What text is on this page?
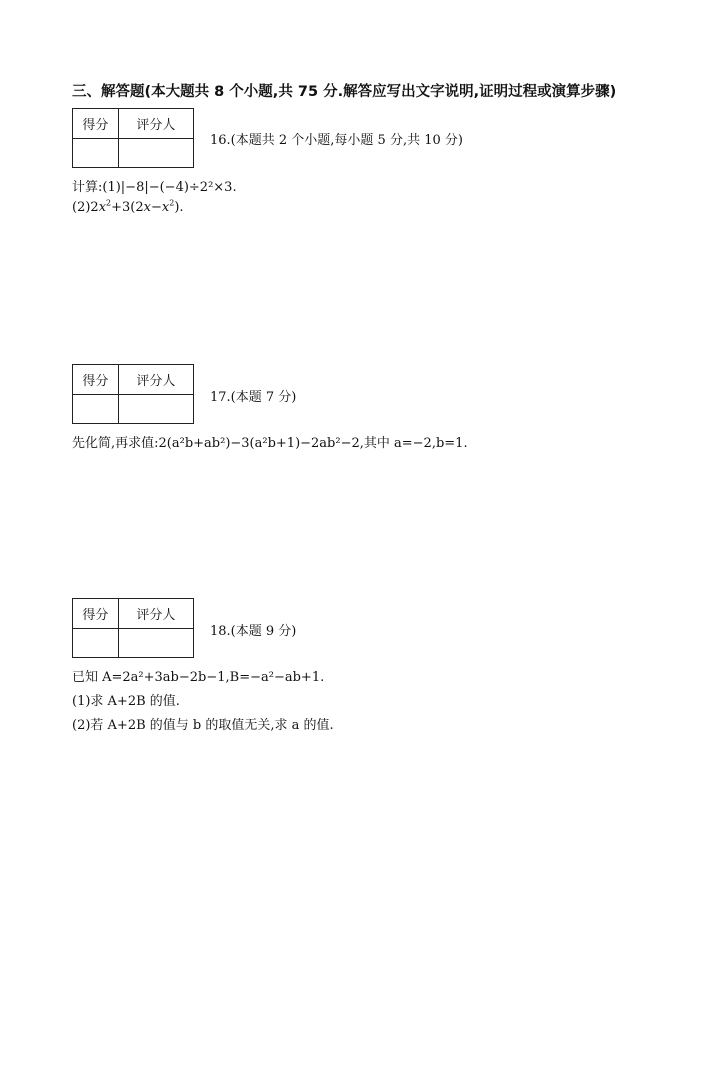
三、解答题(本大题共 8 个小题,共 75 分.解答应写出文字说明,证明过程或演算步骤)
得分	评分人

16.(本题共 2 个小题,每小题 5 分,共 10 分)
计算:(1)|−8|−(−4)÷2²×3.
$(2)2x^2+3(2x-x^2)$.
得分	评分人

17.(本题 7 分)
先化简,再求值:2(a²b+ab²)−3(a²b+1)−2ab²−2,其中 a=−2,b=1.
得分	评分人

18.(本题 9 分)
已知 A=2a²+3ab−2b−1,B=−a²−ab+1.
(1)求 A+2B 的值.
(2)若 A+2B 的值与 b 的取值无关,求 a 的值.
